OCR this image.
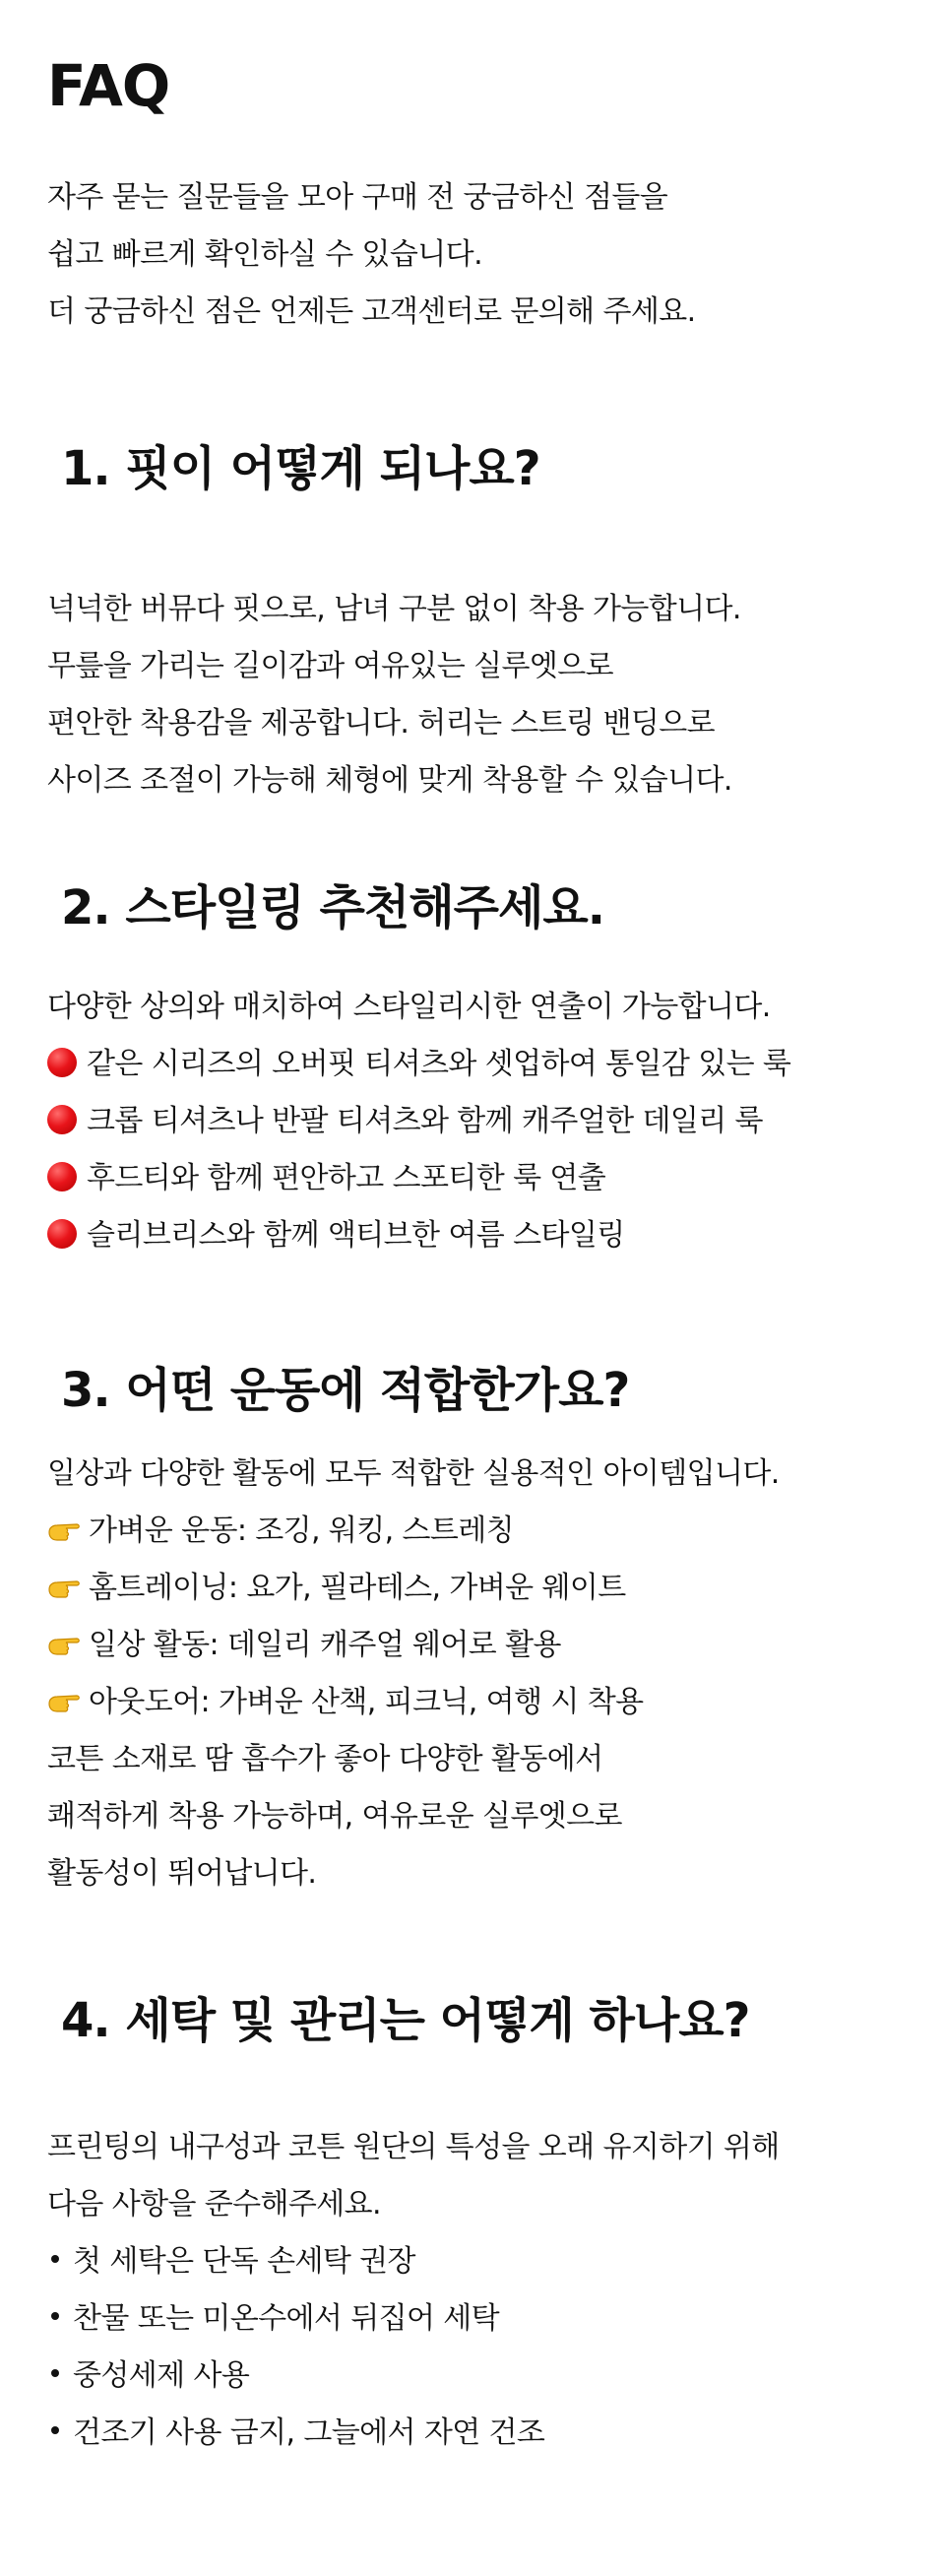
FAQ
자주 묻는 질문들을 모아 구매 전 궁금하신 점들을
쉽고 빠르게 확인하실 수 있습니다.
더 궁금하신 점은 언제든 고객센터로 문의해 주세요.
1. 핏이 어떻게 되나요?
넉넉한 버뮤다 핏으로, 남녀 구분 없이 착용 가능합니다.
무릎을 가리는 길이감과 여유있는 실루엣으로
편안한 착용감을 제공합니다. 허리는 스트링 밴딩으로
사이즈 조절이 가능해 체형에 맞게 착용할 수 있습니다.
2. 스타일링 추천해주세요.
다양한 상의와 매치하여 스타일리시한 연출이 가능합니다.
같은 시리즈의 오버핏 티셔츠와 셋업하여 통일감 있는 룩
크롭 티셔츠나 반팔 티셔츠와 함께 캐주얼한 데일리 룩
후드티와 함께 편안하고 스포티한 룩 연출
슬리브리스와 함께 액티브한 여름 스타일링
3. 어떤 운동에 적합한가요?
일상과 다양한 활동에 모두 적합한 실용적인 아이템입니다.
가벼운 운동: 조깅, 워킹, 스트레칭
홈트레이닝: 요가, 필라테스, 가벼운 웨이트
일상 활동: 데일리 캐주얼 웨어로 활용
아웃도어: 가벼운 산책, 피크닉, 여행 시 착용
코튼 소재로 땀 흡수가 좋아 다양한 활동에서
쾌적하게 착용 가능하며, 여유로운 실루엣으로
활동성이 뛰어납니다.
4. 세탁 및 관리는 어떻게 하나요?
프린팅의 내구성과 코튼 원단의 특성을 오래 유지하기 위해
다음 사항을 준수해주세요.
첫 세탁은 단독 손세탁 권장
찬물 또는 미온수에서 뒤집어 세탁
중성세제 사용
건조기 사용 금지, 그늘에서 자연 건조
